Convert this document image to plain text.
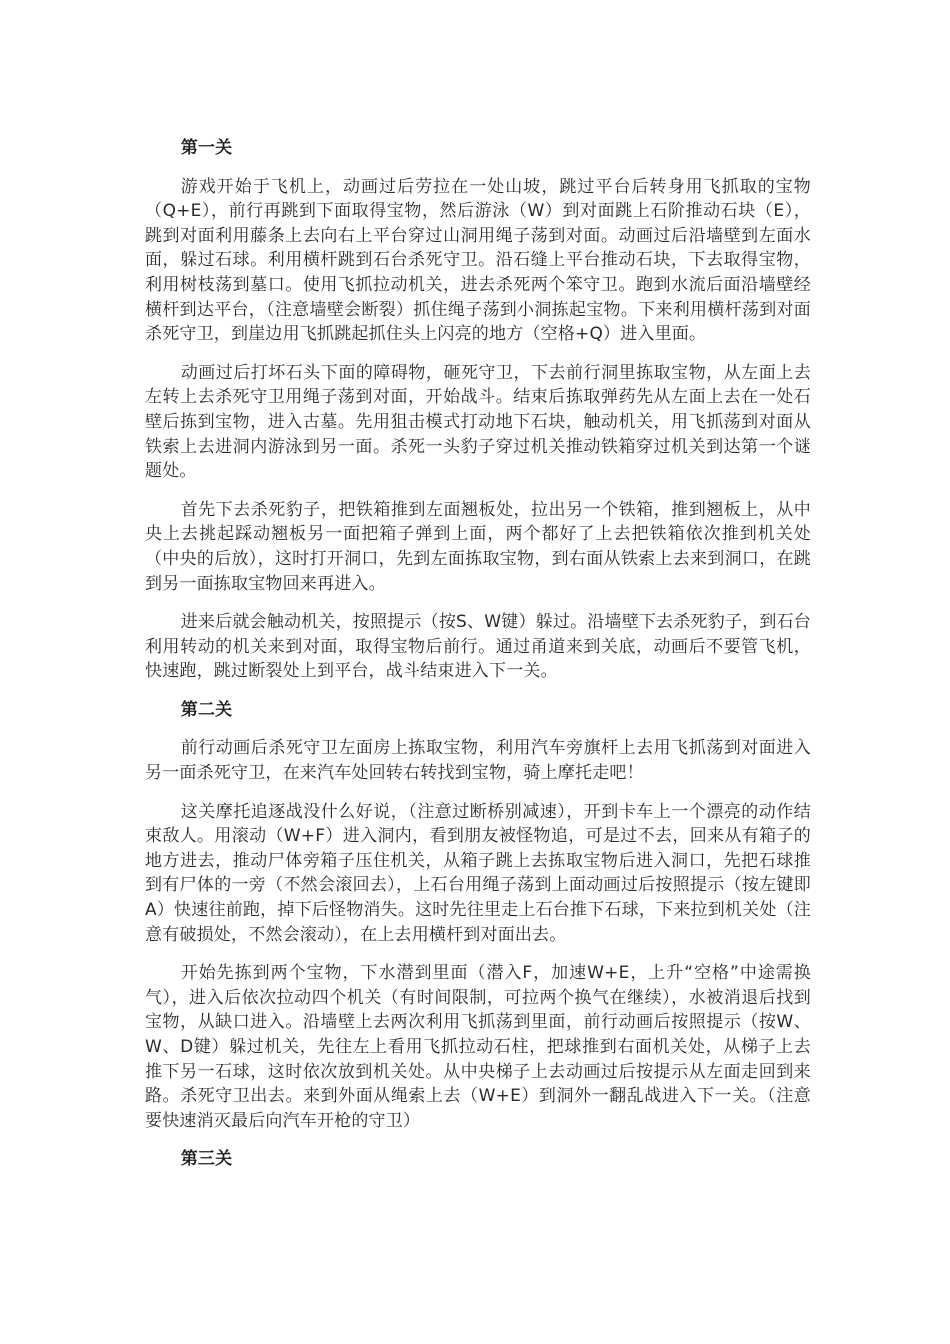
第一关
游戏开始于飞机上，动画过后劳拉在一处山坡，跳过平台后转身用飞抓取的宝物（Q+E），前行再跳到下面取得宝物，然后游泳（W）到对面跳上石阶推动石块（E），跳到对面利用藤条上去向右上平台穿过山洞用绳子荡到对面。动画过后沿墙壁到左面水面，躲过石球。利用横杆跳到石台杀死守卫。沿石缝上平台推动石块，下去取得宝物，利用树枝荡到墓口。使用飞抓拉动机关，进去杀死两个笨守卫。跑到水流后面沿墙壁经横杆到达平台，（注意墙壁会断裂）抓住绳子荡到小洞拣起宝物。下来利用横杆荡到对面杀死守卫，到崖边用飞抓跳起抓住头上闪亮的地方（空格+Q）进入里面。
动画过后打坏石头下面的障碍物，砸死守卫，下去前行洞里拣取宝物，从左面上去左转上去杀死守卫用绳子荡到对面，开始战斗。结束后拣取弹药先从左面上去在一处石壁后拣到宝物，进入古墓。先用狙击模式打动地下石块，触动机关，用飞抓荡到对面从铁索上去进洞内游泳到另一面。杀死一头豹子穿过机关推动铁箱穿过机关到达第一个谜题处。
首先下去杀死豹子，把铁箱推到左面翘板处，拉出另一个铁箱，推到翘板上，从中央上去挑起踩动翘板另一面把箱子弹到上面，两个都好了上去把铁箱依次推到机关处（中央的后放），这时打开洞口，先到左面拣取宝物，到右面从铁索上去来到洞口，在跳到另一面拣取宝物回来再进入。
进来后就会触动机关，按照提示（按S、W键）躲过。沿墙壁下去杀死豹子，到石台利用转动的机关来到对面，取得宝物后前行。通过甬道来到关底，动画后不要管飞机，快速跑，跳过断裂处上到平台，战斗结束进入下一关。
第二关
前行动画后杀死守卫左面房上拣取宝物，利用汽车旁旗杆上去用飞抓荡到对面进入另一面杀死守卫，在来汽车处回转右转找到宝物，骑上摩托走吧！
这关摩托追逐战没什么好说，（注意过断桥别减速），开到卡车上一个漂亮的动作结束敌人。用滚动（W+F）进入洞内，看到朋友被怪物追，可是过不去，回来从有箱子的地方进去，推动尸体旁箱子压住机关，从箱子跳上去拣取宝物后进入洞口，先把石球推到有尸体的一旁（不然会滚回去），上石台用绳子荡到上面动画过后按照提示（按左键即A）快速往前跑，掉下后怪物消失。这时先往里走上石台推下石球，下来拉到机关处（注意有破损处，不然会滚动），在上去用横杆到对面出去。
开始先拣到两个宝物，下水潜到里面（潜入F，加速W+E，上升“空格”中途需换气），进入后依次拉动四个机关（有时间限制，可拉两个换气在继续），水被消退后找到宝物，从缺口进入。沿墙壁上去两次利用飞抓荡到里面，前行动画后按照提示（按W、W、D键）躲过机关，先往左上看用飞抓拉动石柱，把球推到右面机关处，从梯子上去推下另一石球，这时依次放到机关处。从中央梯子上去动画过后按提示从左面走回到来路。杀死守卫出去。来到外面从绳索上去（W+E）到洞外一翻乱战进入下一关。（注意要快速消灭最后向汽车开枪的守卫）
第三关
